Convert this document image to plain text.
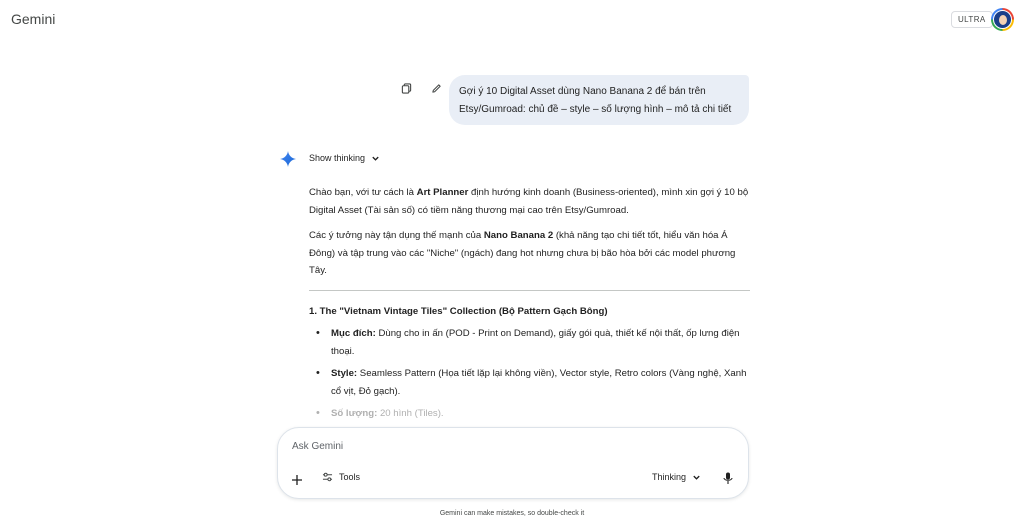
Gemini	ULTRA
Gợi ý 10 Digital Asset dùng Nano Banana 2 để bán trên
Etsy/Gumroad: chủ đề – style – số lượng hình – mô tả chi tiết
Show thinking

Chào bạn, với tư cách là Art Planner định hướng kinh doanh (Business-oriented), mình xin gợi ý 10 bộ Digital Asset (Tài sản số) có tiềm năng thương mại cao trên Etsy/Gumroad.

Các ý tưởng này tận dụng thế mạnh của Nano Banana 2 (khả năng tạo chi tiết tốt, hiểu văn hóa Á Đông) và tập trung vào các "Niche" (ngách) đang hot nhưng chưa bị bão hòa bởi các model phương Tây.

1. The "Vietnam Vintage Tiles" Collection (Bộ Pattern Gạch Bông)
• Mục đích: Dùng cho in ấn (POD - Print on Demand), giấy gói quà, thiết kế nội thất, ốp lưng điện thoại.
• Style: Seamless Pattern (Họa tiết lặp lại không viền), Vector style, Retro colors (Vàng nghệ, Xanh cổ vịt, Đỏ gạch).
• Số lượng: 20 hình (Tiles).
Ask Gemini
Tools	Thinking
Gemini can make mistakes, so double-check it
